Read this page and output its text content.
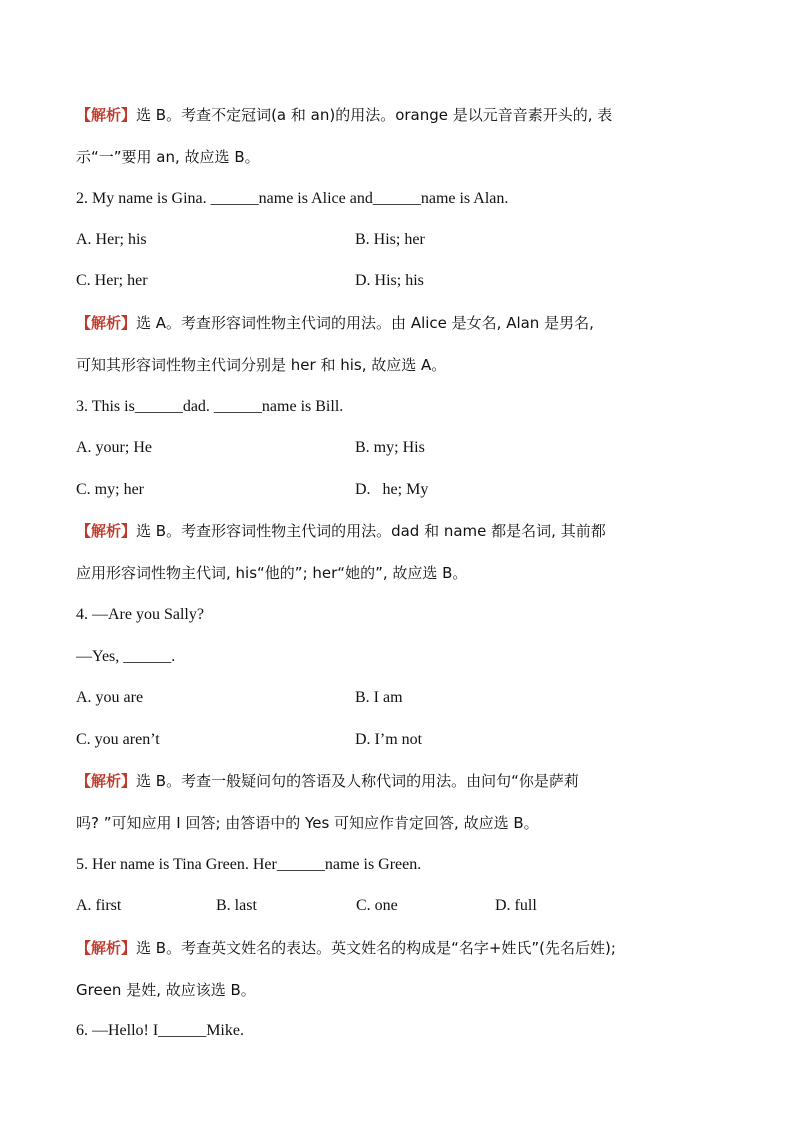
【解析】选 B。考查不定冠词(a 和 an)的用法。orange 是以元音音素开头的, 表
示“一”要用 an, 故应选 B。
2. My name is Gina. ______name is Alice and______name is Alan.
A. Her; his	B. His; her
C. Her; her	D. His; his
【解析】选 A。考查形容词性物主代词的用法。由 Alice 是女名, Alan 是男名,
可知其形容词性物主代词分别是 her 和 his, 故应选 A。
3. This is______dad. ______name is Bill.
A. your; He	B. my; His
C. my; her	D.   he; My
【解析】选 B。考查形容词性物主代词的用法。dad 和 name 都是名词, 其前都
应用形容词性物主代词, his“他的”; her“她的”, 故应选 B。
4. —Are you Sally?
—Yes, ______.
A. you are	B. I am
C. you aren’t	D. I’m not
【解析】选 B。考查一般疑问句的答语及人称代词的用法。由问句“你是萨莉
吗? ”可知应用 I 回答; 由答语中的 Yes 可知应作肯定回答, 故应选 B。
5. Her name is Tina Green. Her______name is Green.
A. first	B. last	C. one	D. full
【解析】选 B。考查英文姓名的表达。英文姓名的构成是“名字+姓氏”(先名后姓);
Green 是姓, 故应该选 B。
6. —Hello! I______Mike.
